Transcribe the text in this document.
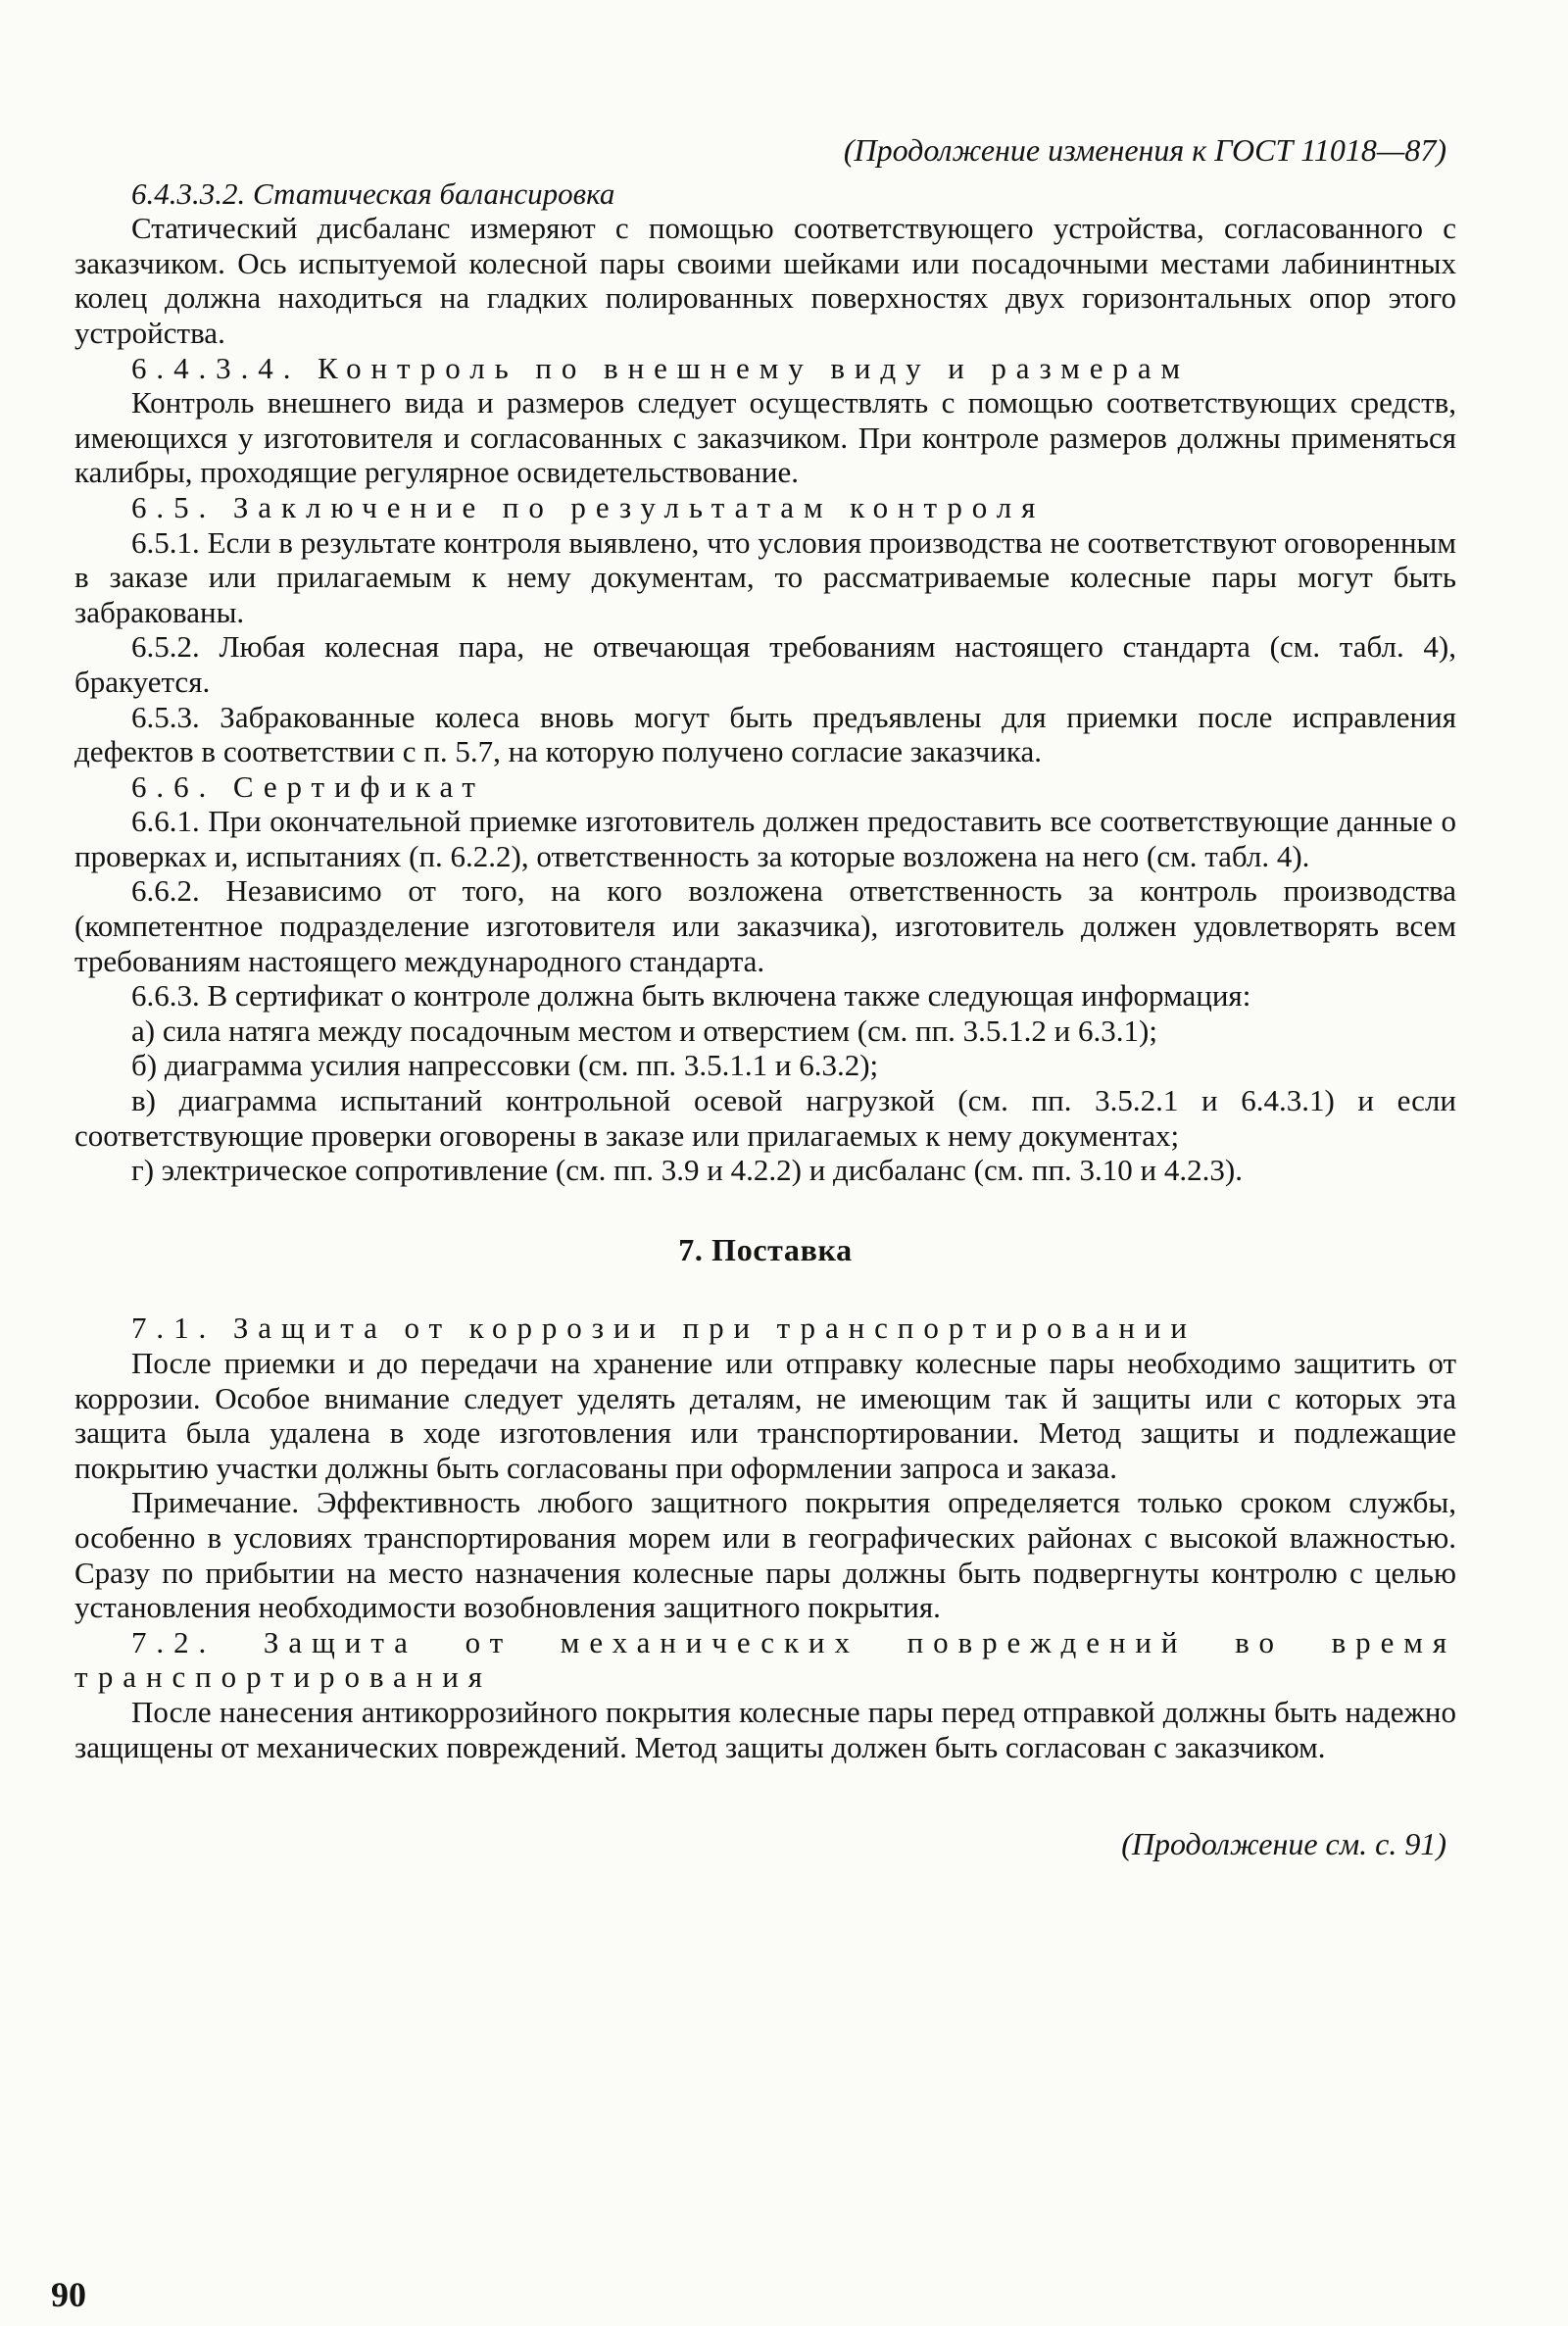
(Продолжение изменения к ГОСТ 11018—87)

6.4.3.3.2. Статическая балансировка

Статический дисбаланс измеряют с помощью соответствующего устройства, согласованного с заказчиком. Ось испытуемой колесной пары своими шейками или посадочными местами лабининтных колец должна находиться на гладких полированных поверхностях двух горизонтальных опор этого устройства.

6.4.3.4. Контроль по внешнему виду и размерам

Контроль внешнего вида и размеров следует осуществлять с помощью соответствующих средств, имеющихся у изготовителя и согласованных с заказчиком. При контроле размеров должны применяться калибры, проходящие регулярное освидетельствование.

6.5. Заключение по результатам контроля

6.5.1. Если в результате контроля выявлено, что условия производства не соответствуют оговоренным в заказе или прилагаемым к нему документам, то рассматриваемые колесные пары могут быть забракованы.

6.5.2. Любая колесная пара, не отвечающая требованиям настоящего стандарта (см. табл. 4), бракуется.

6.5.3. Забракованные колеса вновь могут быть предъявлены для приемки после исправления дефектов в соответствии с п. 5.7, на которую получено согласие заказчика.

6.6. Сертификат

6.6.1. При окончательной приемке изготовитель должен предоставить все соответствующие данные о проверках и, испытаниях (п. 6.2.2), ответственность за которые возложена на него (см. табл. 4).

6.6.2. Независимо от того, на кого возложена ответственность за контроль производства (компетентное подразделение изготовителя или заказчика), изготовитель должен удовлетворять всем требованиям настоящего международного стандарта.

6.6.3. В сертификат о контроле должна быть включена также следующая информация:

а) сила натяга между посадочным местом и отверстием (см. пп. 3.5.1.2 и 6.3.1);

б) диаграмма усилия напрессовки (см. пп. 3.5.1.1 и 6.3.2);

в) диаграмма испытаний контрольной осевой нагрузкой (см. пп. 3.5.2.1 и 6.4.3.1) и если соответствующие проверки оговорены в заказе или прилагаемых к нему документах;

г) электрическое сопротивление (см. пп. 3.9 и 4.2.2) и дисбаланс (см. пп. 3.10 и 4.2.3).

7. Поставка

7.1. Защита от коррозии при транспортировании

После приемки и до передачи на хранение или отправку колесные пары необходимо защитить от коррозии. Особое внимание следует уделять деталям, не имеющим так й защиты или с которых эта защита была удалена в ходе изготовления или транспортировании. Метод защиты и подлежащие покрытию участки должны быть согласованы при оформлении запроса и заказа.

Примечание. Эффективность любого защитного покрытия определяется только сроком службы, особенно в условиях транспортирования морем или в географических районах с высокой влажностью. Сразу по прибытии на место назначения колесные пары должны быть подвергнуты контролю с целью установления необходимости возобновления защитного покрытия.

7.2. Защита от механических повреждений во время транспортирования

После нанесения антикоррозийного покрытия колесные пары перед отправкой должны быть надежно защищены от механических повреждений. Метод защиты должен быть согласован с заказчиком.

(Продолжение см. с. 91)
90
